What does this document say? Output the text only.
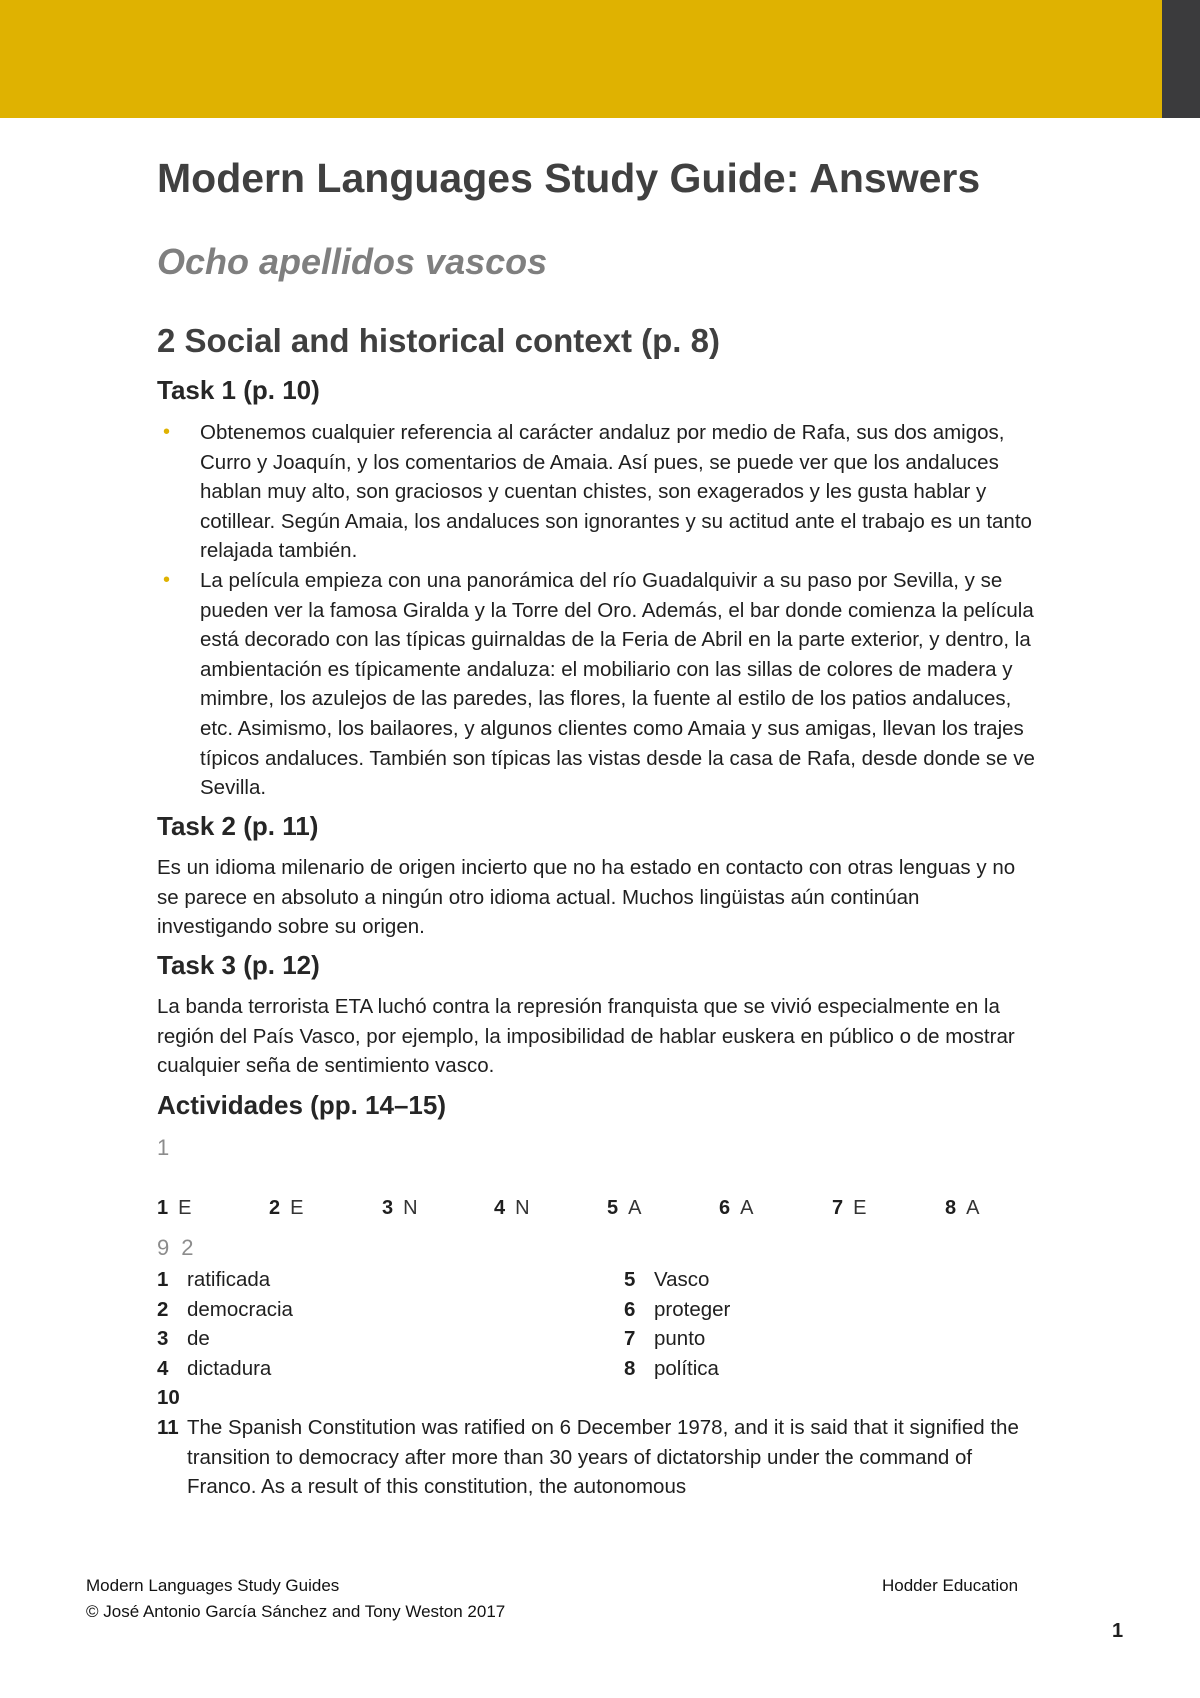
Modern Languages Study Guide: Answers
Ocho apellidos vascos
2 Social and historical context (p. 8)
Task 1 (p. 10)
• Obtenemos cualquier referencia al carácter andaluz por medio de Rafa, sus dos amigos, Curro y Joaquín, y los comentarios de Amaia. Así pues, se puede ver que los andaluces hablan muy alto, son graciosos y cuentan chistes, son exagerados y les gusta hablar y cotillear. Según Amaia, los andaluces son ignorantes y su actitud ante el trabajo es un tanto relajada también.
• La película empieza con una panorámica del río Guadalquivir a su paso por Sevilla, y se pueden ver la famosa Giralda y la Torre del Oro. Además, el bar donde comienza la película está decorado con las típicas guirnaldas de la Feria de Abril en la parte exterior, y dentro, la ambientación es típicamente andaluza: el mobiliario con las sillas de colores de madera y mimbre, los azulejos de las paredes, las flores, la fuente al estilo de los patios andaluces, etc. Asimismo, los bailaores, y algunos clientes como Amaia y sus amigas, llevan los trajes típicos andaluces. También son típicas las vistas desde la casa de Rafa, desde donde se ve Sevilla.
Task 2 (p. 11)

Es un idioma milenario de origen incierto que no ha estado en contacto con otras lenguas y no se parece en absoluto a ningún otro idioma actual. Muchos lingüistas aún continúan investigando sobre su origen.

Task 3 (p. 12)

La banda terrorista ETA luchó contra la represión franquista que se vivió especialmente en la región del País Vasco, por ejemplo, la imposibilidad de hablar euskera en público o de mostrar cualquier seña de sentimiento vasco.

Actividades (pp. 14–15)
1
1 E	2 E	3 N	4 N	5 A	6 A	7 E	8 A
9 2
1 ratificada
2 democracia
3 de
4 dictadura
5 Vasco
6 proteger
7 punto
8 política
10
11 The Spanish Constitution was ratified on 6 December 1978, and it is said that it signified the transition to democracy after more than 30 years of dictatorship under the command of Franco. As a result of this constitution, the autonomous
Modern Languages Study Guides
© José Antonio García Sánchez and Tony Weston 2017
Hodder Education
1
